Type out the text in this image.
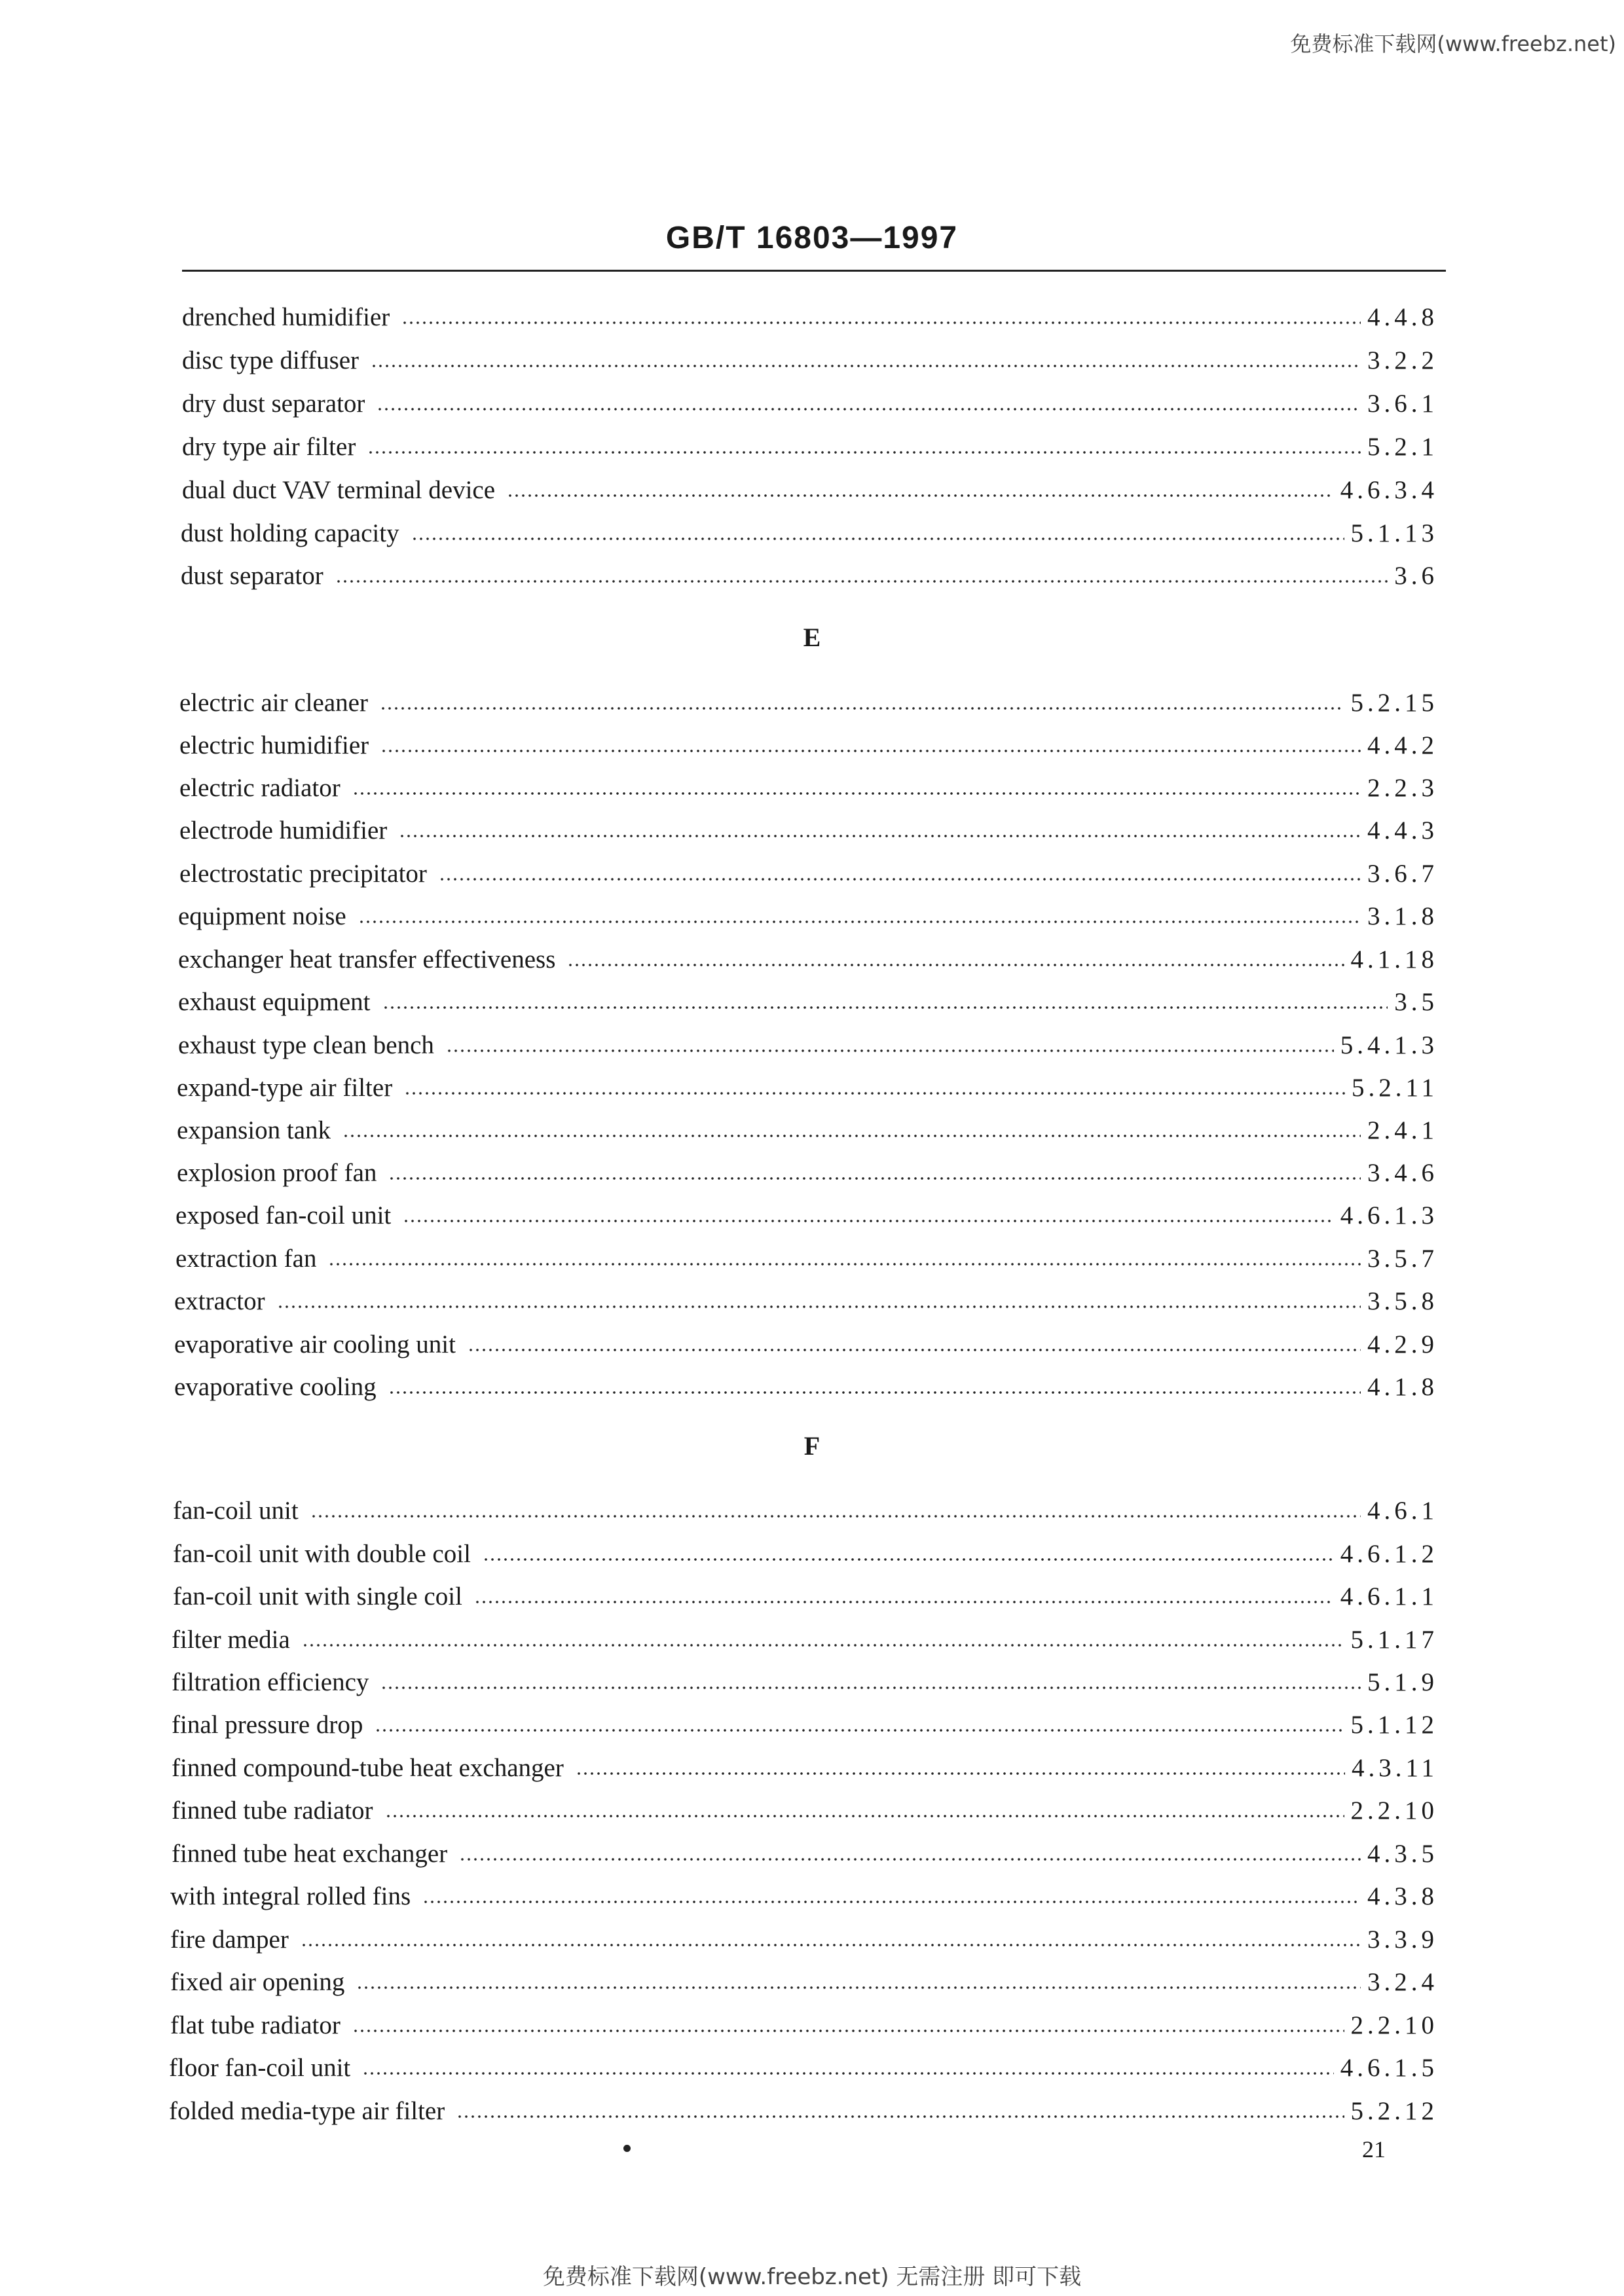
免费标准下载网(www.freebz.net)
GB/T 16803—1997
drenched humidifier	4.4.8
disc type diffuser	3.2.2
dry dust separator	3.6.1
dry type air filter	5.2.1
dual duct VAV terminal device	4.6.3.4
dust holding capacity	5.1.13
dust separator	3.6
E
electric air cleaner	5.2.15
electric humidifier	4.4.2
electric radiator	2.2.3
electrode humidifier	4.4.3
electrostatic precipitator	3.6.7
equipment noise	3.1.8
exchanger heat transfer effectiveness	4.1.18
exhaust equipment	3.5
exhaust type clean bench	5.4.1.3
expand-type air filter	5.2.11
expansion tank	2.4.1
explosion proof fan	3.4.6
exposed fan-coil unit	4.6.1.3
extraction fan	3.5.7
extractor	3.5.8
evaporative air cooling unit	4.2.9
evaporative cooling	4.1.8
F
fan-coil unit	4.6.1
fan-coil unit with double coil	4.6.1.2
fan-coil unit with single coil	4.6.1.1
filter media	5.1.17
filtration efficiency	5.1.9
final pressure drop	5.1.12
finned compound-tube heat exchanger	4.3.11
finned tube radiator	2.2.10
finned tube heat exchanger	4.3.5
with integral rolled fins	4.3.8
fire damper	3.3.9
fixed air opening	3.2.4
flat tube radiator	2.2.10
floor fan-coil unit	4.6.1.5
folded media-type air filter	5.2.12
21
免费标准下载网(www.freebz.net) 无需注册 即可下载
